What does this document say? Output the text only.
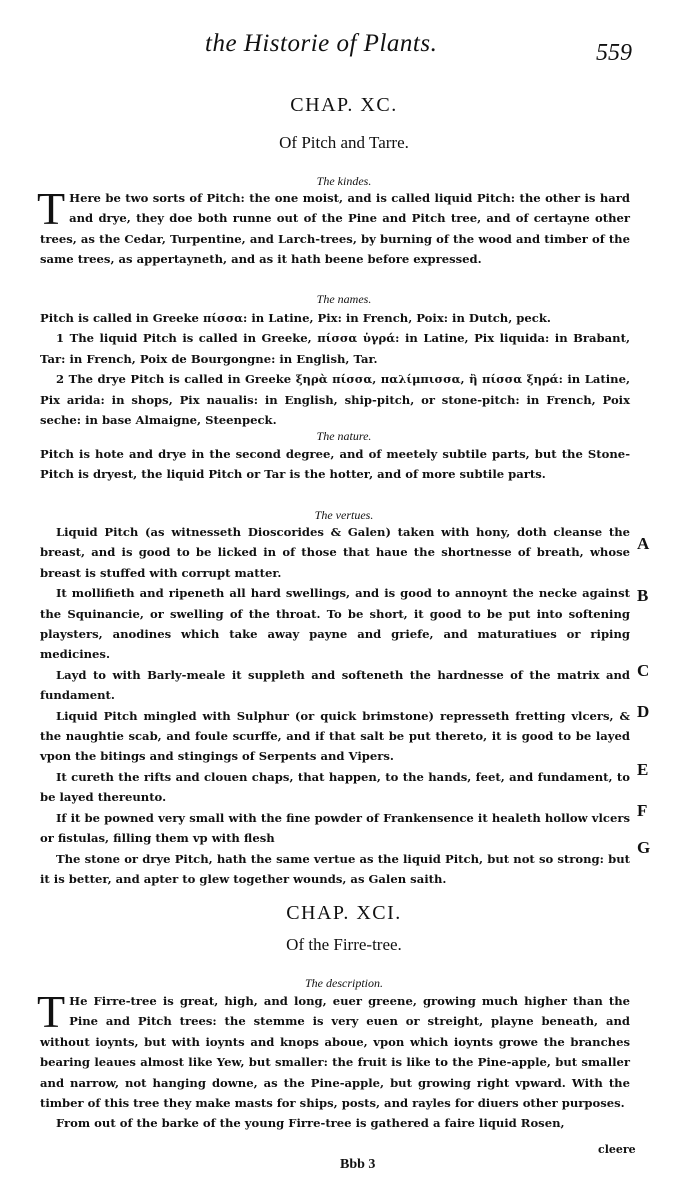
the Historie of Plants.	559
CHAP. XC.
Of Pitch and Tarre.
The kindes.

T Here be two sorts of Pitch: the one moist, and is called liquid Pitch: the other is hard and drye, they doe both runne out of the Pine and Pitch tree, and of certayne other trees, as the Cedar, Turpentine, and Larch-trees, by burning of the wood and timber of the same trees, as appertayneth, and as it hath beene before expressed.

The names.

Pitch is called in Greeke πίσσα: in Latine, Pix: in French, Poix: in Dutch, peck.

1 The liquid Pitch is called in Greeke, πίσσα ὑγρά: in Latine, Pix liquida: in Brabant, Tar: in French, Poix de Bourgongne: in English, Tar.

2 The drye Pitch is called in Greeke ξηρὰ πίσσα, παλίμπισσα, ἢ πίσσα ξηρά: in Latine, Pix arida: in shops, Pix naualis: in English, ship-pitch, or stone-pitch: in French, Poix seche: in base Almaigne, Steenpeck.

The nature.

Pitch is hote and drye in the second degree, and of meetely subtile parts, but the Stone-Pitch is dryest, the liquid Pitch or Tar is the hotter, and of more subtile parts.

The vertues.

Liquid Pitch (as witnesseth Dioscorides & Galen) taken with hony, doth cleanse the breast, and is good to be licked in of those that haue the shortnesse of breath, whose breast is stuffed with corrupt matter.

It mollifieth and ripeneth all hard swellings, and is good to annoynt the necke against the Squinancie, or swelling of the throat. To be short, it good to be put into softening playsters, anodines which take away payne and griefe, and maturatiues or riping medicines.

Layd to with Barly-meale it suppleth and softeneth the hardnesse of the matrix and fundament.

Liquid Pitch mingled with Sulphur (or quick brimstone) represseth fretting vlcers, & the naughtie scab, and foule scurffe, and if that salt be put thereto, it is good to be layed vpon the bitings and stingings of Serpents and Vipers.

It cureth the rifts and clouen chaps, that happen, to the hands, feet, and fundament, to be layed thereunto.

If it be powned very small with the fine powder of Frankensence it healeth hollow vlcers or fistulas, filling them vp with flesh

The stone or drye Pitch, hath the same vertue as the liquid Pitch, but not so strong: but it is better, and apter to glew together wounds, as Galen saith.

A
B
C
D
E
F
G
CHAP. XCI.
Of the Firre-tree.
The description.

T He Firre-tree is great, high, and long, euer greene, growing much higher than the Pine and Pitch trees: the stemme is very euen or streight, playne beneath, and without ioynts, but with ioynts and knops aboue, vpon which ioynts growe the branches bearing leaues almost like Yew, but smaller: the fruit is like to the Pine-apple, but smaller and narrow, not hanging downe, as the Pine-apple, but growing right vpward. With the timber of this tree they make masts for ships, posts, and rayles for diuers other purposes.

From out of the barke of the young Firre-tree is gathered a faire liquid Rosen,

cleere
Bbb 3
